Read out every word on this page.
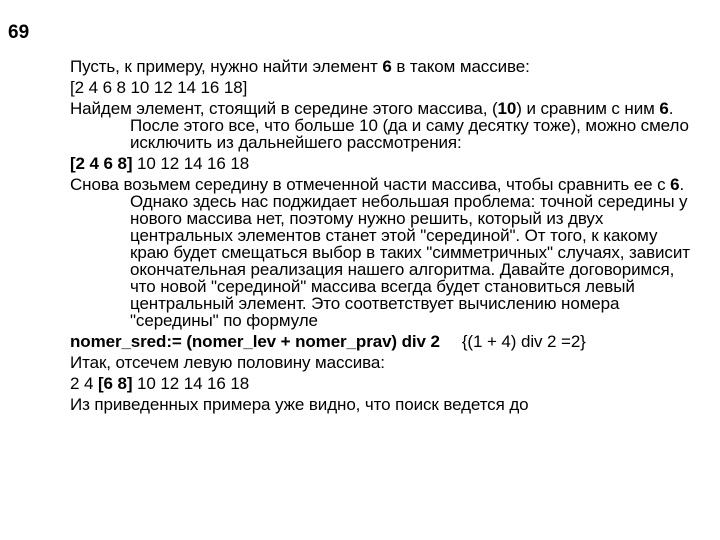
69

Пусть, к примеру, нужно найти элемент 6 в таком массиве:

[2 4 6 8 10 12 14 16 18]

Найдем элемент, стоящий в середине этого массива, (10) и сравним с ним 6. После этого все, что больше 10 (да и саму десятку тоже), можно смело исключить из дальнейшего рассмотрения:

[2 4 6 8] 10 12 14 16 18

Снова возьмем середину в отмеченной части массива, чтобы сравнить ее с 6. Однако здесь нас поджидает небольшая проблема: точной середины у нового массива нет, поэтому нужно решить, который из двух центральных элементов станет этой "серединой". От того, к какому краю будет смещаться выбор в таких "симметричных" случаях, зависит окончательная реализация нашего алгоритма. Давайте договоримся, что новой "серединой" массива всегда будет становиться левый центральный элемент. Это соответствует вычислению номера "середины" по формуле

nomer_sred:= (nomer_lev + nomer_prav) div 2 {(1 + 4) div 2 =2}

Итак, отсечем левую половину массива:

2 4 [6 8] 10 12 14 16 18

Из приведенных примера уже видно, что поиск ведется до
